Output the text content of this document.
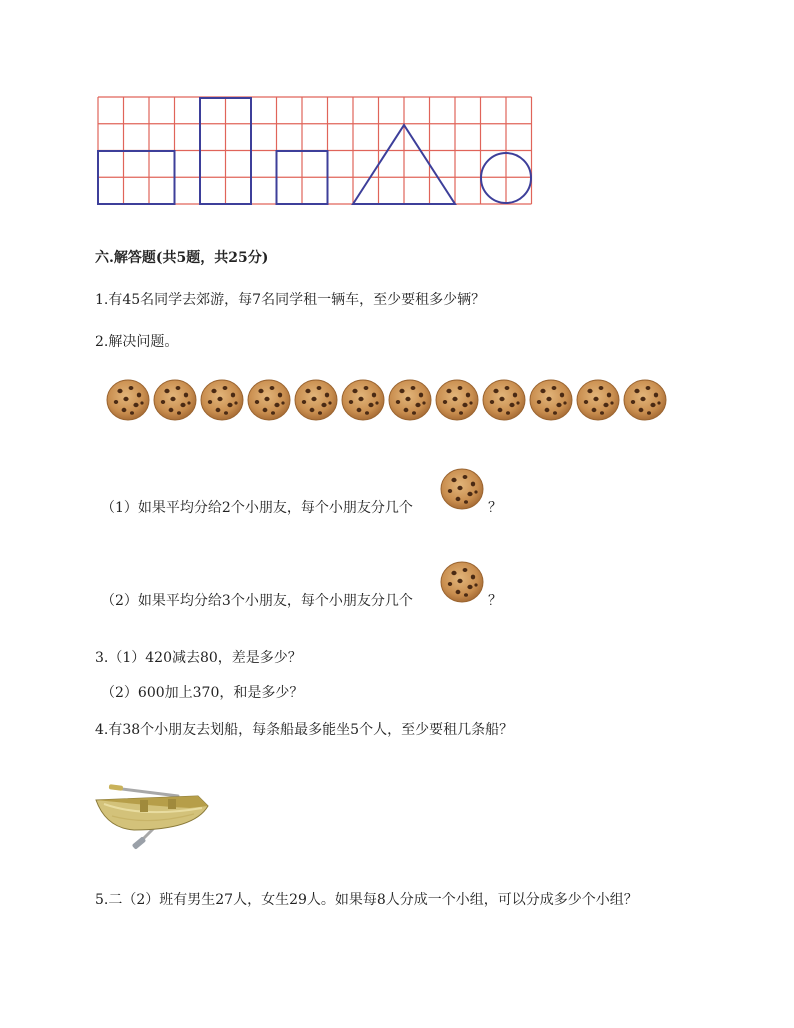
六.解答题(共5题，共25分)
1.有45名同学去郊游，每7名同学租一辆车，至少要租多少辆？
2.解决问题。
（1）如果平均分给2个小朋友，每个小朋友分几个	？
（2）如果平均分给3个小朋友，每个小朋友分几个	？
3.（1）420减去80，差是多少？
（2）600加上370，和是多少？
4.有38个小朋友去划船，每条船最多能坐5个人，至少要租几条船？
5.二（2）班有男生27人，女生29人。如果每8人分成一个小组，可以分成多少个小组？
